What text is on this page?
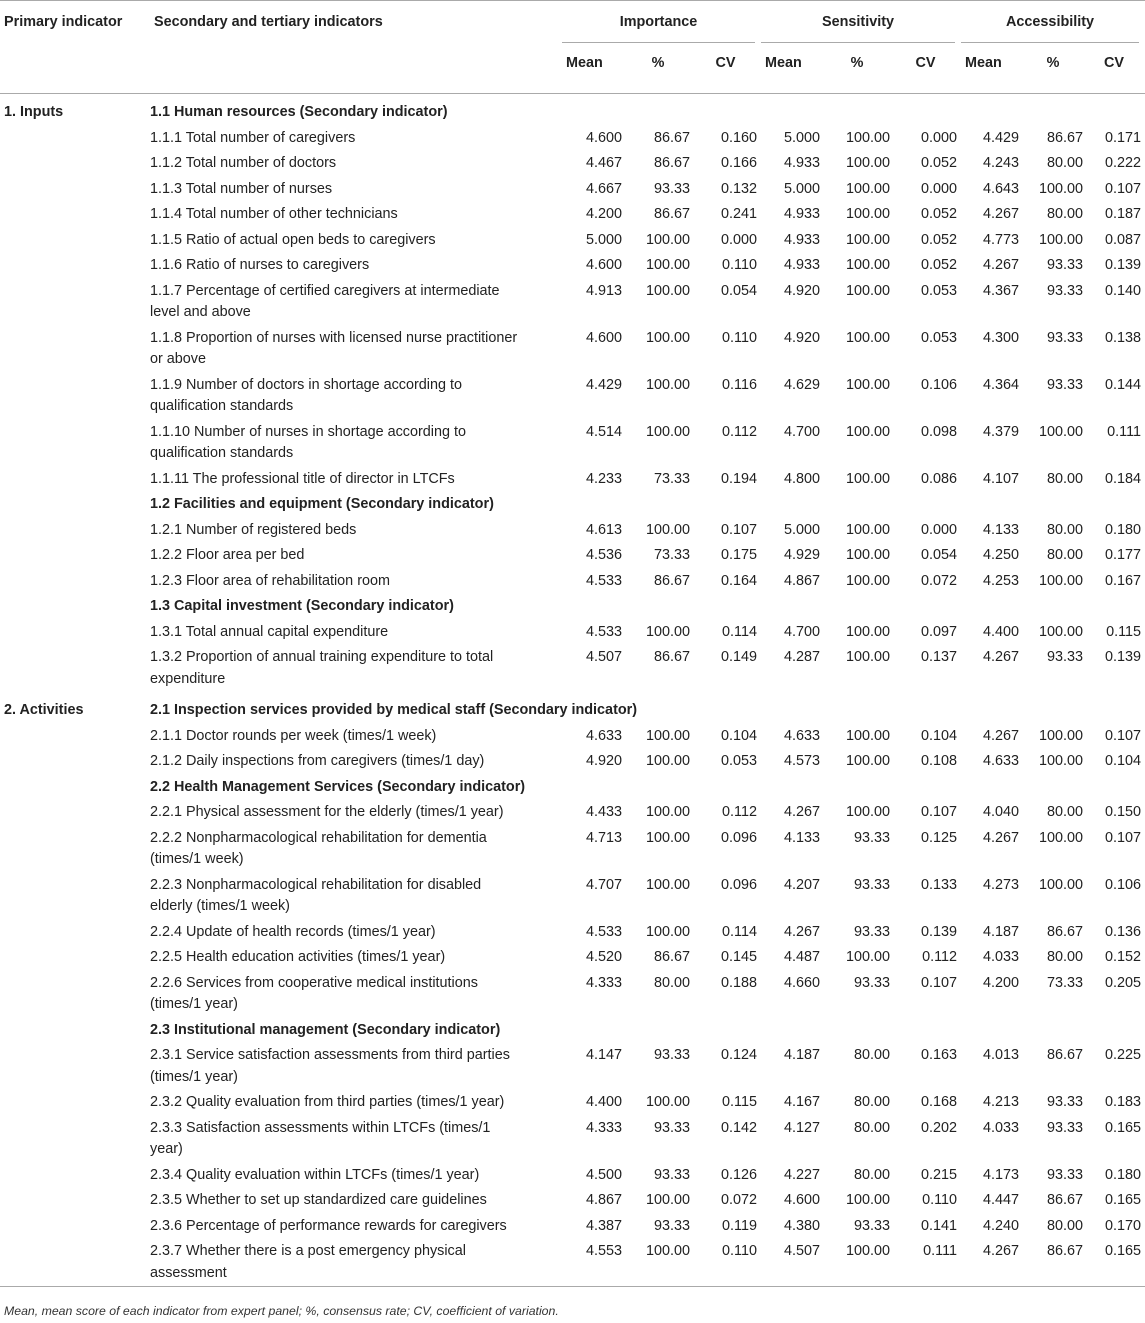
Primary indicator	Secondary and tertiary indicators	Importance			Sensitivity			Accessibility		

		Mean	%	CV	Mean	%	CV	Mean	%	CV
1. Inputs	1.1 Human resources (Secondary indicator)									
	1.1.1 Total number of caregivers	4.600	86.67	0.160	5.000	100.00	0.000	4.429	86.67	0.171
	1.1.2 Total number of doctors	4.467	86.67	0.166	4.933	100.00	0.052	4.243	80.00	0.222
	1.1.3 Total number of nurses	4.667	93.33	0.132	5.000	100.00	0.000	4.643	100.00	0.107
	1.1.4 Total number of other technicians	4.200	86.67	0.241	4.933	100.00	0.052	4.267	80.00	0.187
	1.1.5 Ratio of actual open beds to caregivers	5.000	100.00	0.000	4.933	100.00	0.052	4.773	100.00	0.087
	1.1.6 Ratio of nurses to caregivers	4.600	100.00	0.110	4.933	100.00	0.052	4.267	93.33	0.139
	1.1.7 Percentage of certified caregivers at intermediate level and above	4.913	100.00	0.054	4.920	100.00	0.053	4.367	93.33	0.140
	1.1.8 Proportion of nurses with licensed nurse practitioner or above	4.600	100.00	0.110	4.920	100.00	0.053	4.300	93.33	0.138
	1.1.9 Number of doctors in shortage according to qualification standards	4.429	100.00	0.116	4.629	100.00	0.106	4.364	93.33	0.144
	1.1.10 Number of nurses in shortage according to qualification standards	4.514	100.00	0.112	4.700	100.00	0.098	4.379	100.00	0.111
	1.1.11 The professional title of director in LTCFs	4.233	73.33	0.194	4.800	100.00	0.086	4.107	80.00	0.184
	1.2 Facilities and equipment (Secondary indicator)									
	1.2.1 Number of registered beds	4.613	100.00	0.107	5.000	100.00	0.000	4.133	80.00	0.180
	1.2.2 Floor area per bed	4.536	73.33	0.175	4.929	100.00	0.054	4.250	80.00	0.177
	1.2.3 Floor area of rehabilitation room	4.533	86.67	0.164	4.867	100.00	0.072	4.253	100.00	0.167
	1.3 Capital investment (Secondary indicator)									
	1.3.1 Total annual capital expenditure	4.533	100.00	0.114	4.700	100.00	0.097	4.400	100.00	0.115
	1.3.2 Proportion of annual training expenditure to total expenditure	4.507	86.67	0.149	4.287	100.00	0.137	4.267	93.33	0.139
2. Activities	2.1 Inspection services provided by medical staff (Secondary indicator)									
	2.1.1 Doctor rounds per week (times/1 week)	4.633	100.00	0.104	4.633	100.00	0.104	4.267	100.00	0.107
	2.1.2 Daily inspections from caregivers (times/1 day)	4.920	100.00	0.053	4.573	100.00	0.108	4.633	100.00	0.104
	2.2 Health Management Services (Secondary indicator)									
	2.2.1 Physical assessment for the elderly (times/1 year)	4.433	100.00	0.112	4.267	100.00	0.107	4.040	80.00	0.150
	2.2.2 Nonpharmacological rehabilitation for dementia (times/1 week)	4.713	100.00	0.096	4.133	93.33	0.125	4.267	100.00	0.107
	2.2.3 Nonpharmacological rehabilitation for disabled elderly (times/1 week)	4.707	100.00	0.096	4.207	93.33	0.133	4.273	100.00	0.106
	2.2.4 Update of health records (times/1 year)	4.533	100.00	0.114	4.267	93.33	0.139	4.187	86.67	0.136
	2.2.5 Health education activities (times/1 year)	4.520	86.67	0.145	4.487	100.00	0.112	4.033	80.00	0.152
	2.2.6 Services from cooperative medical institutions (times/1 year)	4.333	80.00	0.188	4.660	93.33	0.107	4.200	73.33	0.205
	2.3 Institutional management (Secondary indicator)									
	2.3.1 Service satisfaction assessments from third parties (times/1 year)	4.147	93.33	0.124	4.187	80.00	0.163	4.013	86.67	0.225
	2.3.2 Quality evaluation from third parties (times/1 year)	4.400	100.00	0.115	4.167	80.00	0.168	4.213	93.33	0.183
	2.3.3 Satisfaction assessments within LTCFs (times/1 year)	4.333	93.33	0.142	4.127	80.00	0.202	4.033	93.33	0.165
	2.3.4 Quality evaluation within LTCFs (times/1 year)	4.500	93.33	0.126	4.227	80.00	0.215	4.173	93.33	0.180
	2.3.5 Whether to set up standardized care guidelines	4.867	100.00	0.072	4.600	100.00	0.110	4.447	86.67	0.165
	2.3.6 Percentage of performance rewards for caregivers	4.387	93.33	0.119	4.380	93.33	0.141	4.240	80.00	0.170
	2.3.7 Whether there is a post emergency physical assessment	4.553	100.00	0.110	4.507	100.00	0.111	4.267	86.67	0.165
Mean, mean score of each indicator from expert panel; %, consensus rate; CV, coefficient of variation.										
